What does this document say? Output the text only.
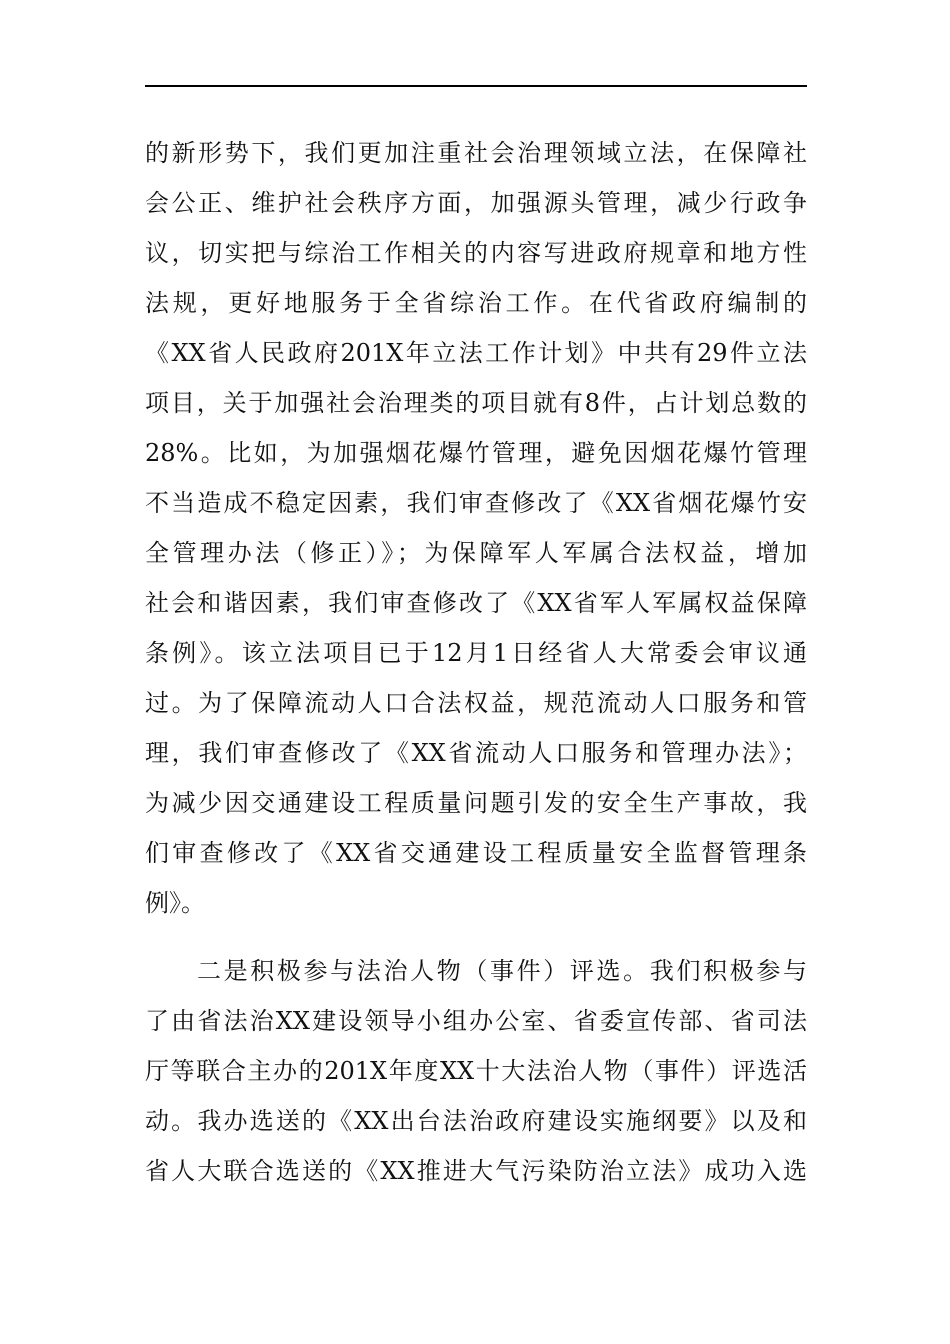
的新形势下，我们更加注重社会治理领域立法，在保障社
会公正、维护社会秩序方面，加强源头管理，减少行政争
议，切实把与综治工作相关的内容写进政府规章和地方性
法规，更好地服务于全省综治工作。在代省政府编制的
《XX省人民政府201X年立法工作计划》中共有29件立法
项目，关于加强社会治理类的项目就有8件，占计划总数的
28%。比如，为加强烟花爆竹管理，避免因烟花爆竹管理
不当造成不稳定因素，我们审查修改了《XX省烟花爆竹安
全管理办法（修正）》；为保障军人军属合法权益，增加
社会和谐因素，我们审查修改了《XX省军人军属权益保障
条例》。该立法项目已于12月1日经省人大常委会审议通
过。为了保障流动人口合法权益，规范流动人口服务和管
理，我们审查修改了《XX省流动人口服务和管理办法》；
为减少因交通建设工程质量问题引发的安全生产事故，我
们审查修改了《XX省交通建设工程质量安全监督管理条
例》。
二是积极参与法治人物（事件）评选。我们积极参与
了由省法治XX建设领导小组办公室、省委宣传部、省司法
厅等联合主办的201X年度XX十大法治人物（事件）评选活
动。我办选送的《XX出台法治政府建设实施纲要》以及和
省人大联合选送的《XX推进大气污染防治立法》成功入选
